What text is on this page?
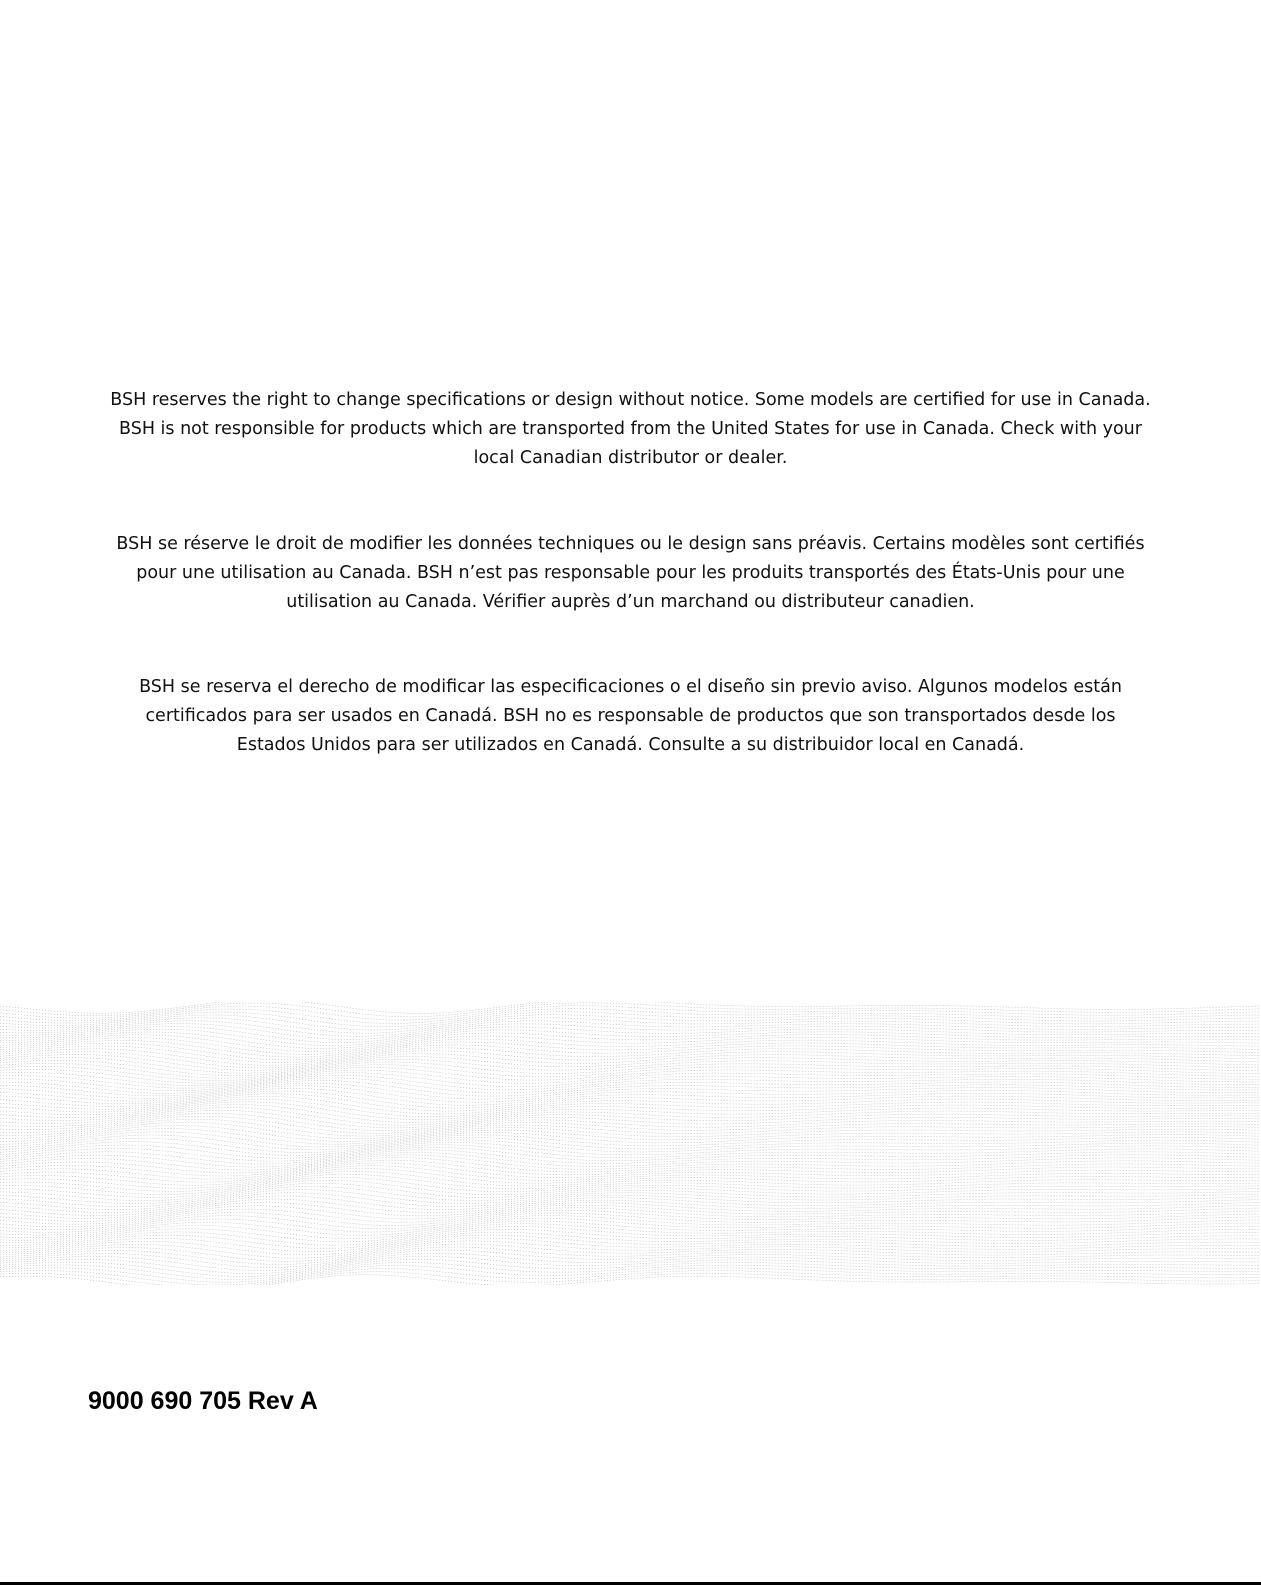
BSH reserves the right to change specifications or design without notice. Some models are certified for use in Canada. BSH is not responsible for products which are transported from the United States for use in Canada. Check with your local Canadian distributor or dealer.

BSH se réserve le droit de modifier les données techniques ou le design sans préavis. Certains modèles sont certifiés pour une utilisation au Canada. BSH n’est pas responsable pour les produits transportés des États-Unis pour une utilisation au Canada. Vérifier auprès d’un marchand ou distributeur canadien.

BSH se reserva el derecho de modificar las especificaciones o el diseño sin previo aviso. Algunos modelos están certificados para ser usados en Canadá. BSH no es responsable de productos que son transportados desde los Estados Unidos para ser utilizados en Canadá. Consulte a su distribuidor local en Canadá.

9000 690 705 Rev A
